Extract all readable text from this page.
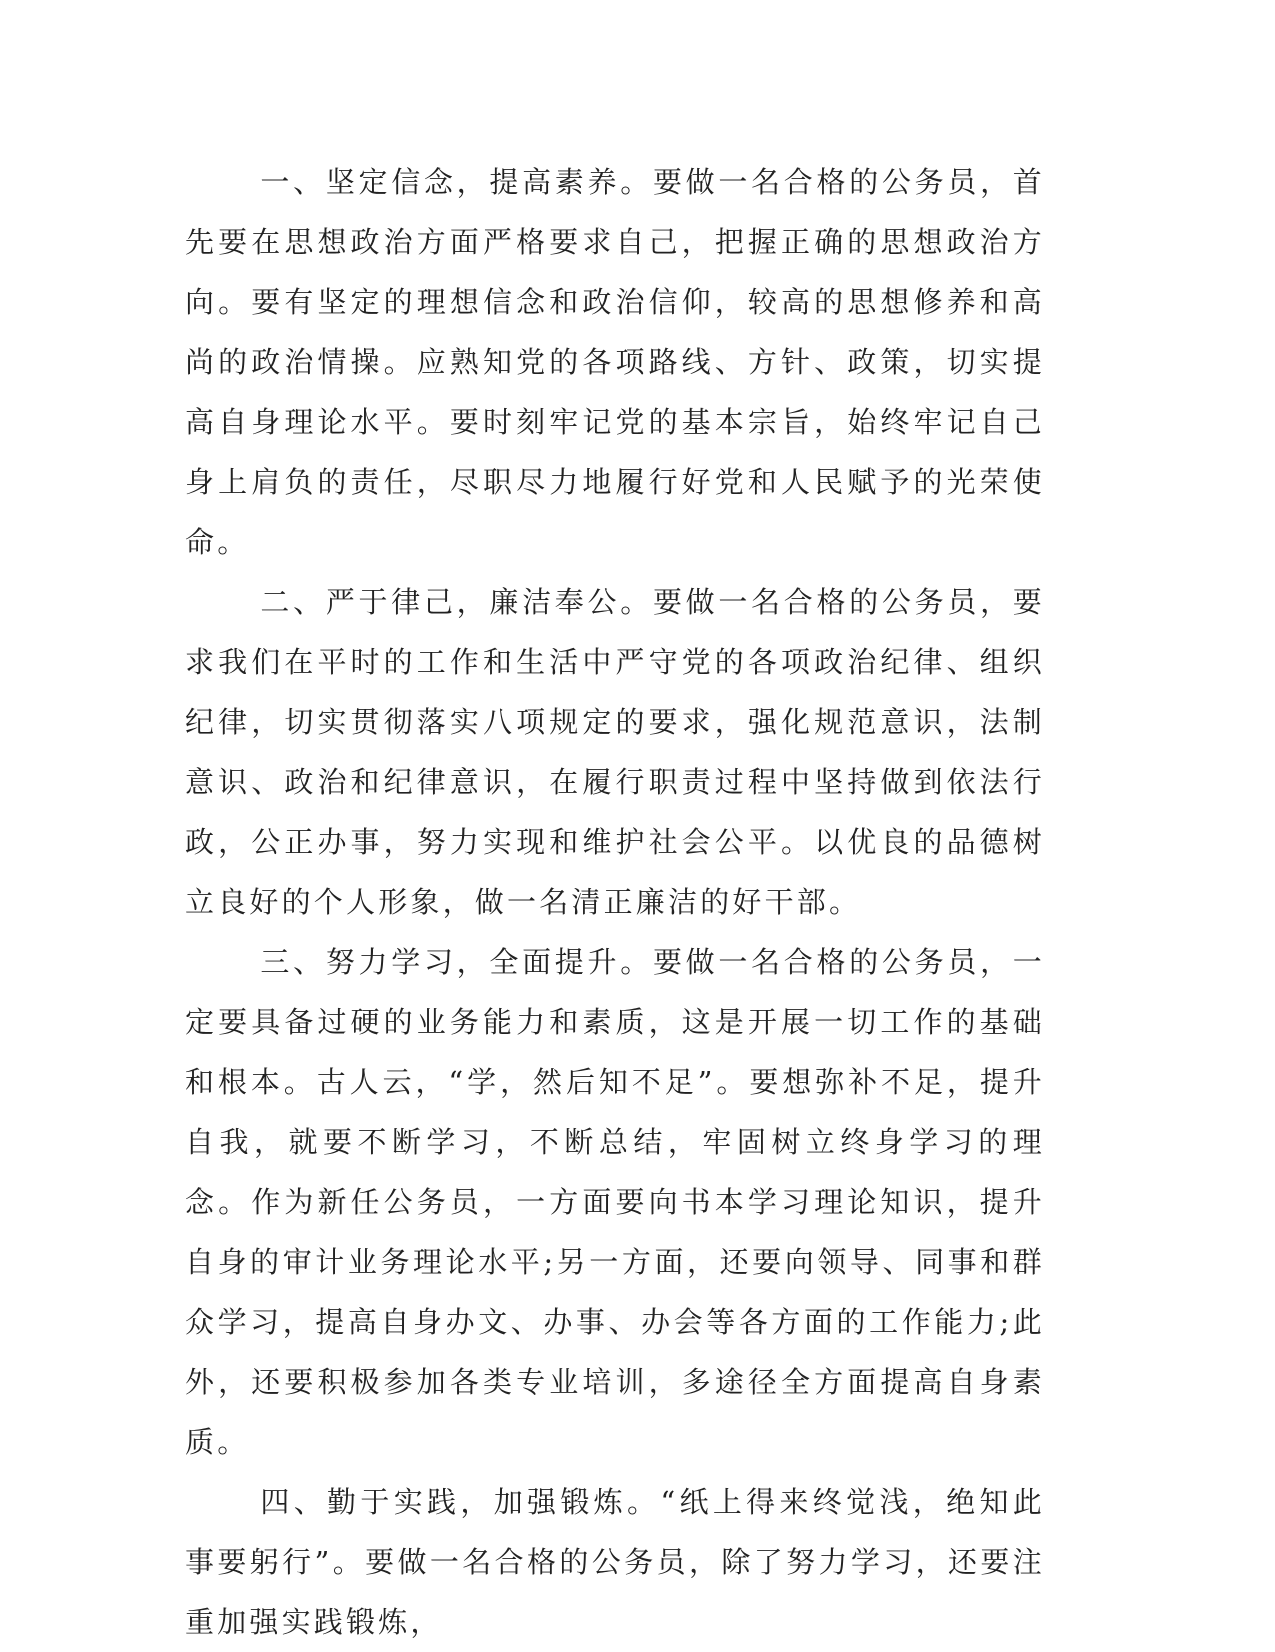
一、坚定信念，提高素养。要做一名合格的公务员，首先要在思想政治方面严格要求自己，把握正确的思想政治方向。要有坚定的理想信念和政治信仰，较高的思想修养和高尚的政治情操。应熟知党的各项路线、方针、政策，切实提高自身理论水平。要时刻牢记党的基本宗旨，始终牢记自己身上肩负的责任，尽职尽力地履行好党和人民赋予的光荣使命。

二、严于律己，廉洁奉公。要做一名合格的公务员，要求我们在平时的工作和生活中严守党的各项政治纪律、组织纪律，切实贯彻落实八项规定的要求，强化规范意识，法制意识、政治和纪律意识，在履行职责过程中坚持做到依法行政，公正办事，努力实现和维护社会公平。以优良的品德树立良好的个人形象，做一名清正廉洁的好干部。

三、努力学习，全面提升。要做一名合格的公务员，一定要具备过硬的业务能力和素质，这是开展一切工作的基础和根本。古人云，“学，然后知不足”。要想弥补不足，提升自我，就要不断学习，不断总结，牢固树立终身学习的理念。作为新任公务员，一方面要向书本学习理论知识，提升自身的审计业务理论水平;另一方面，还要向领导、同事和群众学习，提高自身办文、办事、办会等各方面的工作能力;此外，还要积极参加各类专业培训，多途径全方面提高自身素质。

四、勤于实践，加强锻炼。“纸上得来终觉浅，绝知此事要躬行”。要做一名合格的公务员，除了努力学习，还要注重加强实践锻炼，
